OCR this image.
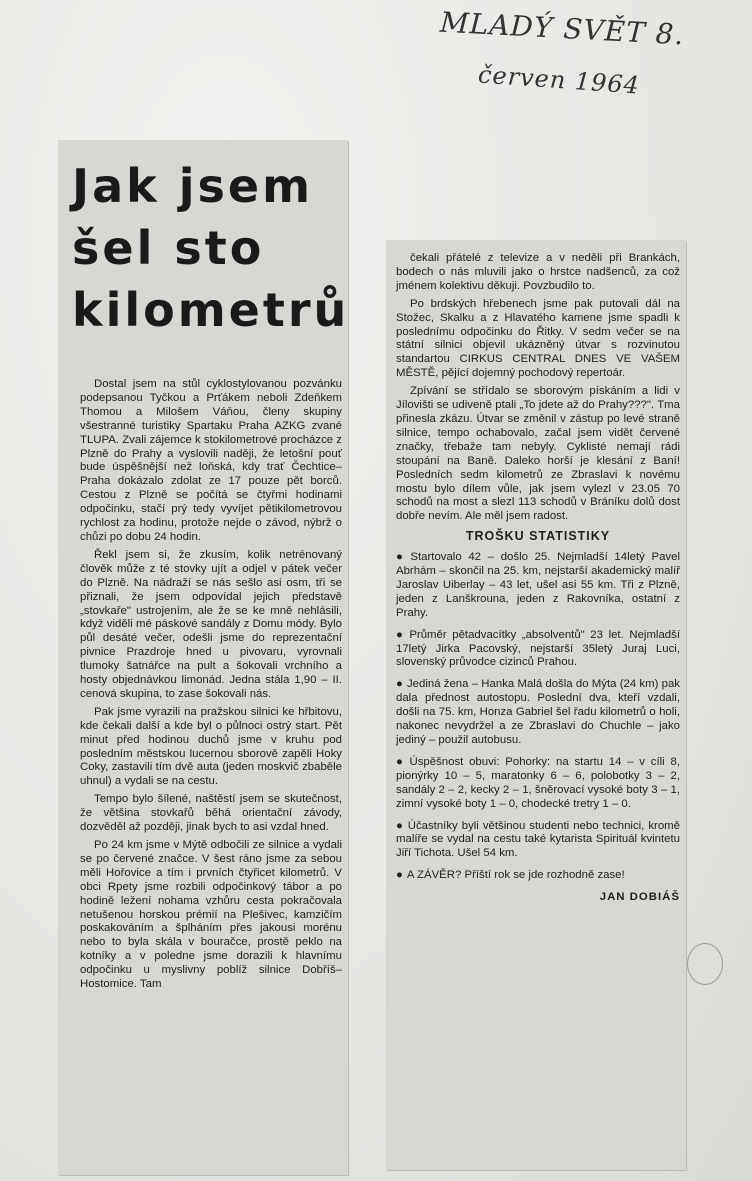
MLADÝ SVĚT 8.
červen 1964
Jak jsem
šel sto
kilometrů

Dostal jsem na stůl cyklostylovanou pozvánku podepsanou Tyčkou a Prťákem neboli Zdeňkem Thomou a Milošem Váňou, členy skupiny všestranné turistiky Spartaku Praha AZKG zvané TLUPA. Zvali zájemce k stokilometrové procházce z Plzně do Prahy a vyslovili naději, že letošní pouť bude úspěšnější než loňská, kdy trať Čechtice–Praha dokázalo zdolat ze 17 pouze pět borců. Cestou z Plzně se počítá se čtyřmi hodinami odpočinku, stačí prý tedy vyvíjet pětikilometrovou rychlost za hodinu, protože nejde o závod, nýbrž o chůzi po dobu 24 hodin.

Řekl jsem si, že zkusím, kolik netrénovaný člověk může z té stovky ujít a odjel v pátek večer do Plzně. Na nádraží se nás sešlo asi osm, tři se přiznali, že jsem odpovídal jejich představě „stovkaře" ustrojením, ale že se ke mně nehlásili, když viděli mé páskové sandály z Domu módy. Bylo půl desáté večer, odešli jsme do reprezentační pivnice Prazdroje hned u pivovaru, vyrovnali tlumoky šatnářce na pult a šokovali vrchního a hosty objednávkou limonád. Jedna stála 1,90 – II. cenová skupina, to zase šokovali nás.

Pak jsme vyrazili na pražskou silnici ke hřbitovu, kde čekali další a kde byl o půlnoci ostrý start. Pět minut před hodinou duchů jsme v kruhu pod posledním městskou lucernou sborově zapěli Hoky Coky, zastavili tím dvě auta (jeden moskvič zbaběle uhnul) a vydali se na cestu.

Tempo bylo šílené, naštěstí jsem se skutečnost, že většina stovkařů běhá orientační závody, dozvěděl až později, jinak bych to asi vzdal hned.

Po 24 km jsme v Mýtě odbočili ze silnice a vydali se po červené značce. V šest ráno jsme za sebou měli Hořovice a tím i prvních čtyřicet kilometrů. V obci Rpety jsme rozbili odpočinkový tábor a po hodině ležení nohama vzhůru cesta pokračovala netušenou horskou prémií na Plešivec, kamzičím poskakováním a šplháním přes jakousi morénu nebo to byla skála v bouračce, prostě peklo na kotníky a v poledne jsme dorazili k hlavnímu odpočinku u myslivny poblíž silnice Dobříš–Hostomice. Tam

čekali přátelé z televize a v neděli při Brankách, bodech o nás mluvili jako o hrstce nadšenců, za což jménem kolektivu děkuji. Povzbudilo to.

Po brdských hřebenech jsme pak putovali dál na Stožec, Skalku a z Hlavatého kamene jsme spadli k poslednímu odpočinku do Řitky. V sedm večer se na státní silnici objevil ukázněný útvar s rozvinutou standartou CIRKUS CENTRAL DNES VE VAŠEM MĚSTĚ, pějící dojemný pochodový repertoár.

Zpívání se střídalo se sborovým pískáním a lidi v Jílovišti se udiveně ptali „To jdete až do Prahy???". Tma přinesla zkázu. Útvar se změnil v zástup po levé straně silnice, tempo ochabovalo, začal jsem vidět červené značky, třebaže tam nebyly. Cyklisté nemají rádi stoupání na Baně. Daleko horší je klesání z Baní! Posledních sedm kilometrů ze Zbraslavi k novému mostu bylo dílem vůle, jak jsem vylezl v 23.05 70 schodů na most a slezl 113 schodů v Bráníku dolů dost dobře nevím. Ale měl jsem radost.

TROŠKU STATISTIKY

● Startovalo 42 – došlo 25. Nejmladší 14letý Pavel Abrhám – skončil na 25. km, nejstarší akademický malíř Jaroslav Uiberlay – 43 let, ušel asi 55 km. Tři z Plzně, jeden z Lanškrouna, jeden z Rakovníka, ostatní z Prahy.

● Průměr pětadvacítky „absolventů" 23 let. Nejmladší 17letý Jirka Pacovský, nejstarší 35letý Juraj Luci, slovenský průvodce cizinců Prahou.

● Jediná žena – Hanka Malá došla do Mýta (24 km) pak dala přednost autostopu. Poslední dva, kteří vzdali, došli na 75. km, Honza Gabriel šel řadu kilometrů o holi, nakonec nevydržel a ze Zbraslavi do Chuchle – jako jediný – použil autobusu.

● Úspěšnost obuvi: Pohorky: na startu 14 – v cíli 8, pionýrky 10 – 5, maratonky 6 – 6, polobotky 3 – 2, sandály 2 – 2, kecky 2 – 1, šněrovací vysoké boty 3 – 1, zimní vysoké boty 1 – 0, chodecké tretry 1 – 0.

● Účastníky byli většinou studenti nebo technici, kromě malíře se vydal na cestu také kytarista Spirituál kvintetu Jiří Tichota. Ušel 54 km.

● A ZÁVĚR? Příští rok se jde rozhodně zase!

JAN DOBIÁŠ
